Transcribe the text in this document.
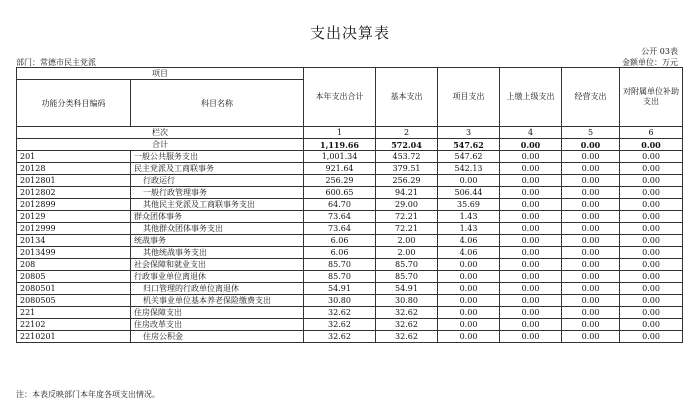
支出决算表
公开 03表
部门：常德市民主党派	金额单位：万元
项目		本年支出合计	基本支出	项目支出	上缴上级支出	经营支出	对附属单位补助支出
功能分类科目编码	科目名称						
栏次		1	2	3	4	5	6
合计		1,119.66	572.04	547.62	0.00	0.00	0.00
201	一般公共服务支出	1,001.34	453.72	547.62	0.00	0.00	0.00
20128	民主党派及工商联事务	921.64	379.51	542.13	0.00	0.00	0.00
2012801	行政运行	256.29	256.29	0.00	0.00	0.00	0.00
2012802	一般行政管理事务	600.65	94.21	506.44	0.00	0.00	0.00
2012899	其他民主党派及工商联事务支出	64.70	29.00	35.69	0.00	0.00	0.00
20129	群众团体事务	73.64	72.21	1.43	0.00	0.00	0.00
2012999	其他群众团体事务支出	73.64	72.21	1.43	0.00	0.00	0.00
20134	统战事务	6.06	2.00	4.06	0.00	0.00	0.00
2013499	其他统战事务支出	6.06	2.00	4.06	0.00	0.00	0.00
208	社会保障和就业支出	85.70	85.70	0.00	0.00	0.00	0.00
20805	行政事业单位离退休	85.70	85.70	0.00	0.00	0.00	0.00
2080501	归口管理的行政单位离退休	54.91	54.91	0.00	0.00	0.00	0.00
2080505	机关事业单位基本养老保险缴费支出	30.80	30.80	0.00	0.00	0.00	0.00
221	住房保障支出	32.62	32.62	0.00	0.00	0.00	0.00
22102	住房改革支出	32.62	32.62	0.00	0.00	0.00	0.00
2210201	住房公积金	32.62	32.62	0.00	0.00	0.00	0.00
注：本表反映部门本年度各项支出情况。
